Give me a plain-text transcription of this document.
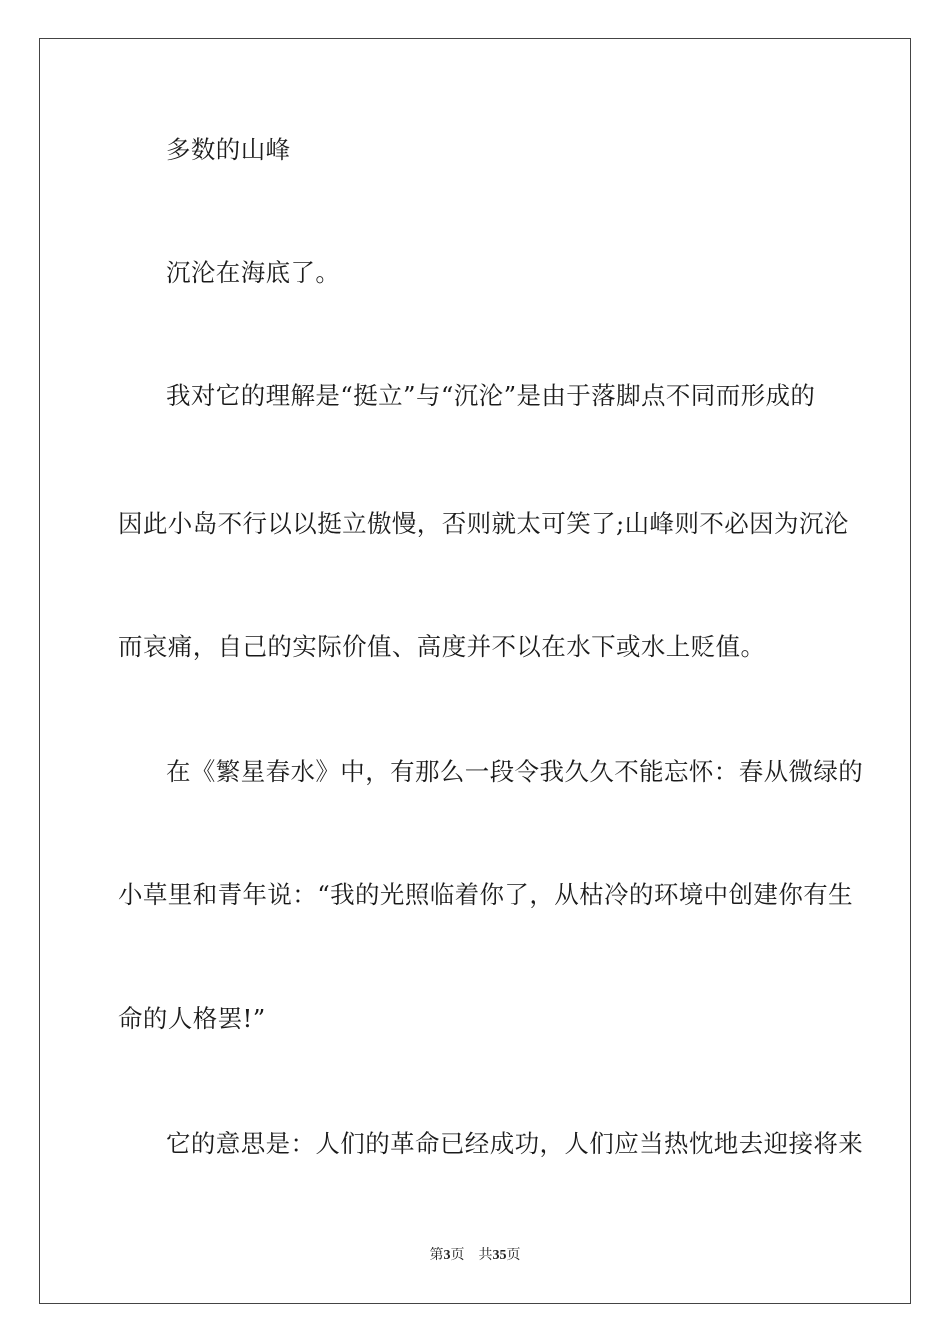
多数的山峰
沉沦在海底了。
我对它的理解是“挺立”与“沉沦”是由于落脚点不同而形成的
因此小岛不行以以挺立傲慢，否则就太可笑了;山峰则不必因为沉沦
而哀痛，自己的实际价值、高度并不以在水下或水上贬值。
在《繁星春水》中，有那么一段令我久久不能忘怀：春从微绿的
小草里和青年说：“我的光照临着你了，从枯冷的环境中创建你有生
命的人格罢!”
它的意思是：人们的革命已经成功，人们应当热忱地去迎接将来
第3页 共35页
